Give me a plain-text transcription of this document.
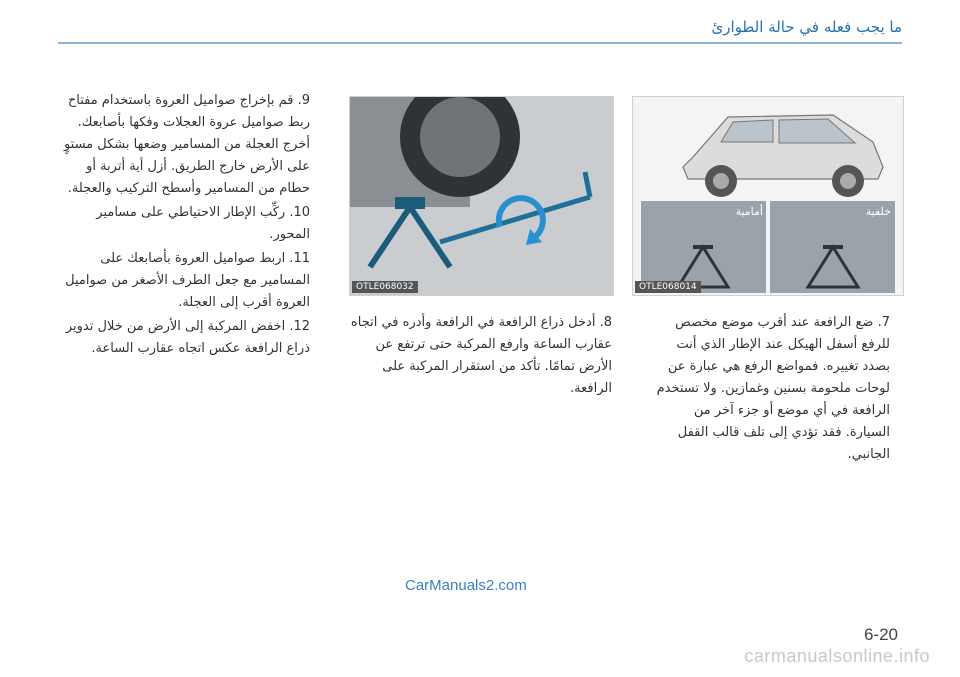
ما يجب فعله في حالة الطوارئ
خلفية
أمامية
OTLE068014
OTLE068032

7. ضع الرافعة عند أقرب موضع مخصص للرفع أسفل الهيكل عند الإطار الذي أنت بصدد تغييره. فمواضع الرفع هي عبارة عن لوحات ملحومة بسنين وغمازين. ولا تستخدم الرافعة في أي موضع أو جزء آخر من السيارة. فقد تؤدي إلى تلف قالب القفل الجانبي.

8. أدخل ذراع الرافعة في الرافعة وأدره في اتجاه عقارب الساعة وارفع المركبة حتى ترتفع عن الأرض تمامًا. تأكد من استقرار المركبة على الرافعة.

9. قم بإخراج صواميل العروة باستخدام مفتاح ربط صواميل عروة العجلات وفكها بأصابعك. أخرج العجلة من المسامير وضعها بشكل مستوٍ على الأرض خارج الطريق. أزل أية أتربة أو حطام من المسامير وأسطح التركيب والعجلة.

10. ركِّب الإطار الاحتياطي على مسامير المحور.

11. اربط صواميل العروة بأصابعك على المسامير مع جعل الطرف الأصغر من صواميل العروة أقرب إلى العجلة.

12. اخفض المركبة إلى الأرض من خلال تدوير ذراع الرافعة عكس اتجاه عقارب الساعة.

CarManuals2.com
6-20
carmanualsonline.info
